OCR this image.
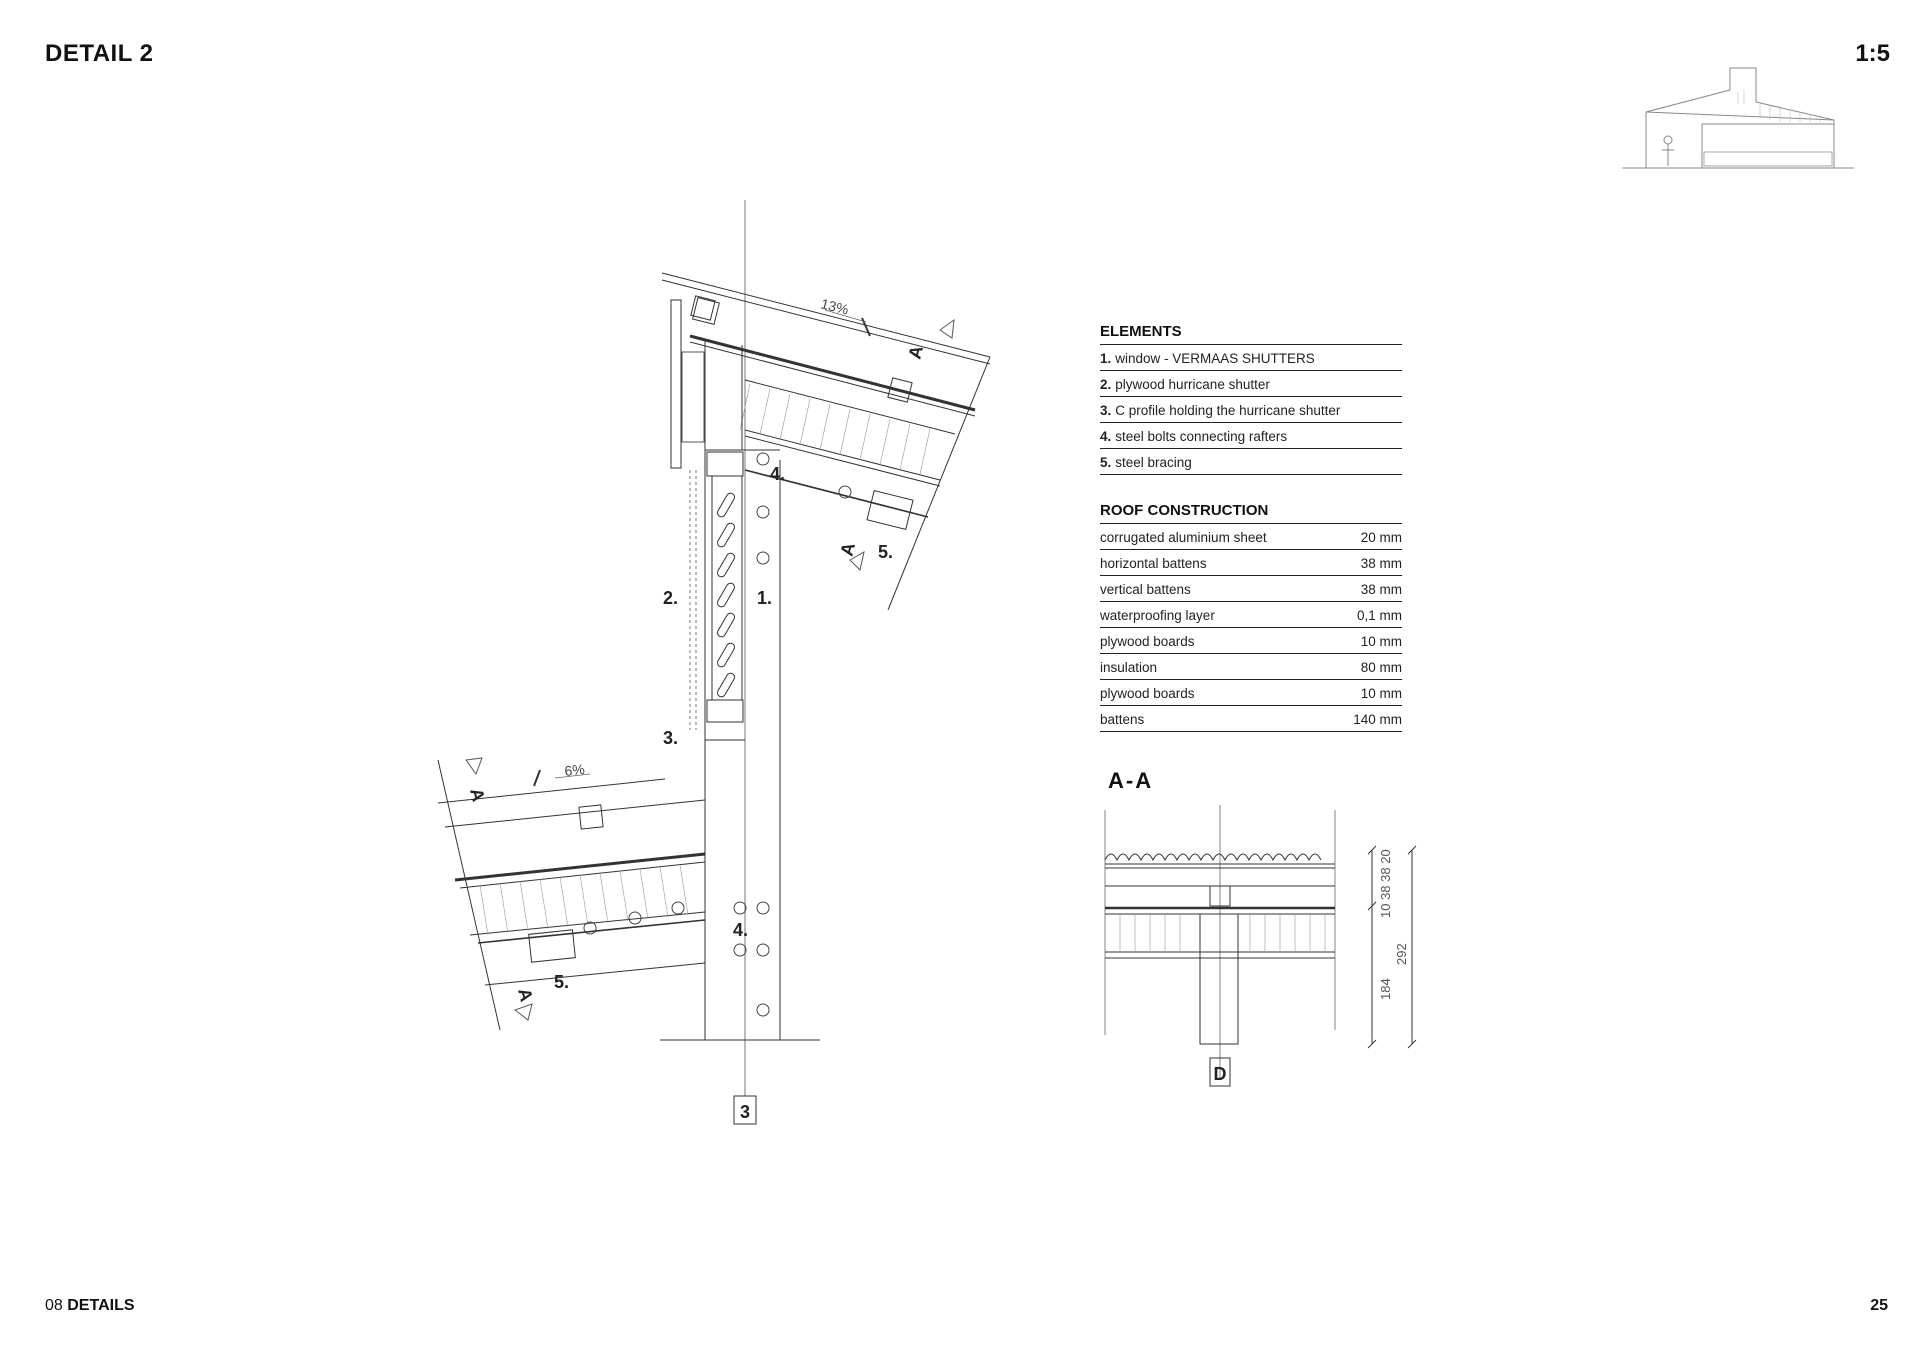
DETAIL 2	1:5
08 DETAILS	25
13%
6%
A
A
A
A
4.
5.
2.	1.
3.
4.
5.
3
ELEMENTS
1. window - VERMAAS SHUTTERS
2. plywood hurricane shutter
3. C profile holding the hurricane shutter
4. steel bolts connecting rafters
5. steel bracing
ROOF CONSTRUCTION
corrugated aluminium sheet	20 mm
horizontal battens	38 mm
vertical battens	38 mm
waterproofing layer	0,1 mm
plywood boards	10 mm
insulation	80 mm
plywood boards	10 mm
battens	140 mm
A-A
D
10 38 38 20
184
292
